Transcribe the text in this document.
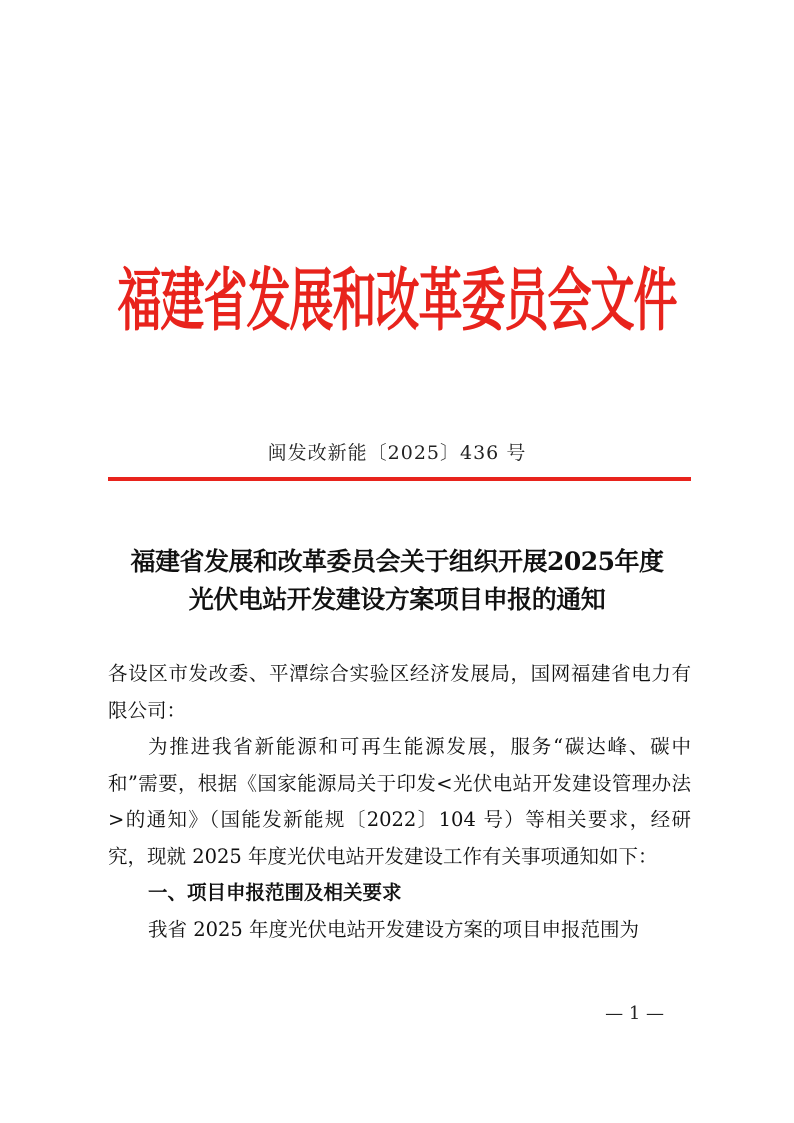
福建省发展和改革委员会文件
闽发改新能〔2025〕436 号
福建省发展和改革委员会关于组织开展2025年度
光伏电站开发建设方案项目申报的通知

各设区市发改委、平潭综合实验区经济发展局，国网福建省电力有限公司：

为推进我省新能源和可再生能源发展，服务“碳达峰、碳中和”需要，根据《国家能源局关于印发<光伏电站开发建设管理办法>的通知》（国能发新能规〔2022〕104 号）等相关要求，经研究，现就 2025 年度光伏电站开发建设工作有关事项通知如下：

一、项目申报范围及相关要求

我省 2025 年度光伏电站开发建设方案的项目申报范围为

— 1 —
